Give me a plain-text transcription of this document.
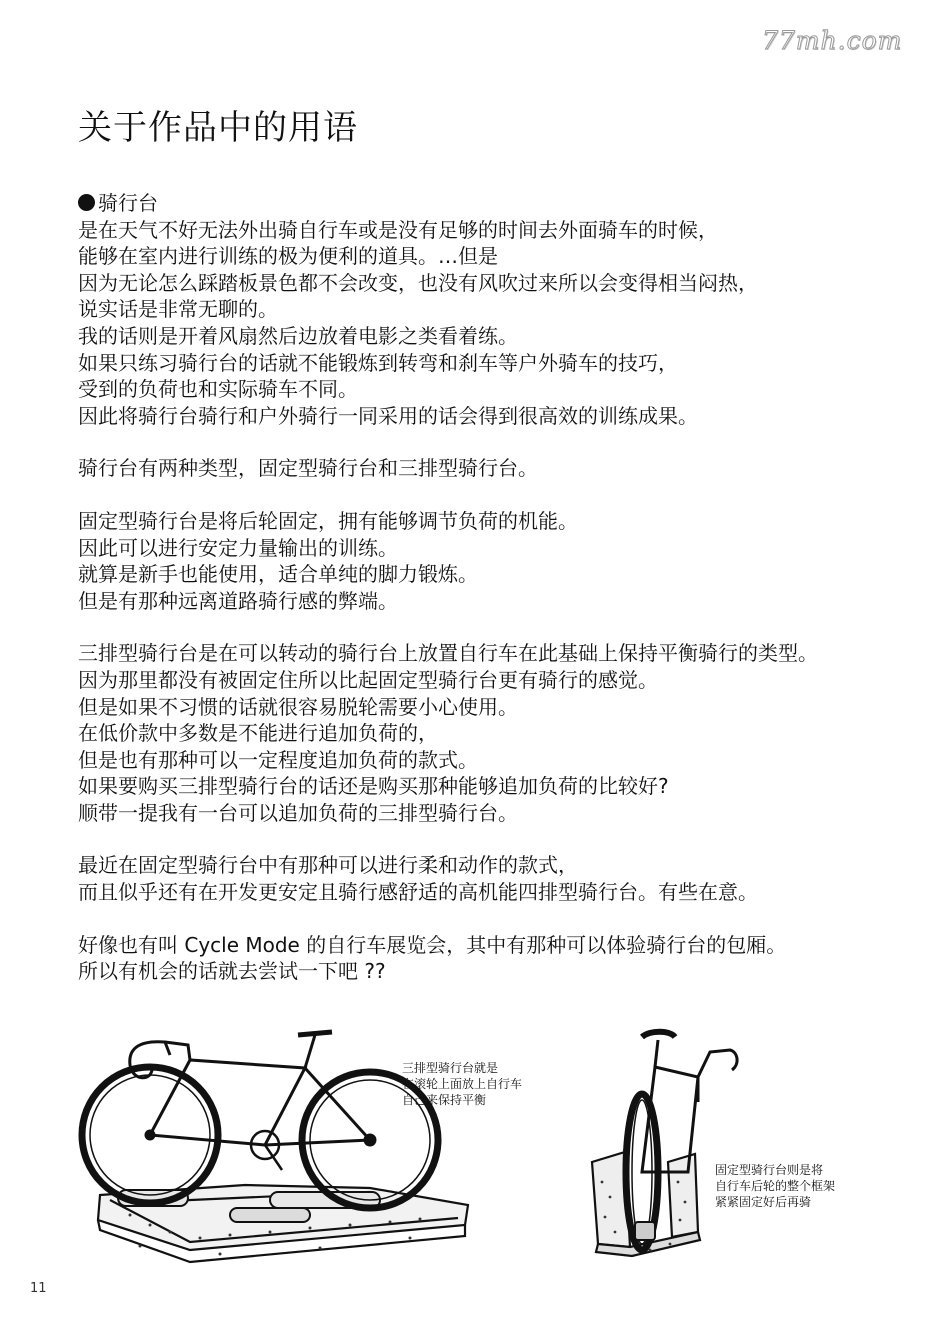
77mh.com
关于作品中的用语

骑行台

是在天气不好无法外出骑自行车或是没有足够的时间去外面骑车的时候，

能够在室内进行训练的极为便利的道具。…但是

因为无论怎么踩踏板景色都不会改变，也没有风吹过来所以会变得相当闷热，

说实话是非常无聊的。

我的话则是开着风扇然后边放着电影之类看着练。

如果只练习骑行台的话就不能锻炼到转弯和刹车等户外骑车的技巧，

受到的负荷也和实际骑车不同。

因此将骑行台骑行和户外骑行一同采用的话会得到很高效的训练成果。

骑行台有两种类型，固定型骑行台和三排型骑行台。

固定型骑行台是将后轮固定，拥有能够调节负荷的机能。

因此可以进行安定力量输出的训练。

就算是新手也能使用，适合单纯的脚力锻炼。

但是有那种远离道路骑行感的弊端。

三排型骑行台是在可以转动的骑行台上放置自行车在此基础上保持平衡骑行的类型。

因为那里都没有被固定住所以比起固定型骑行台更有骑行的感觉。

但是如果不习惯的话就很容易脱轮需要小心使用。

在低价款中多数是不能进行追加负荷的，

但是也有那种可以一定程度追加负荷的款式。

如果要购买三排型骑行台的话还是购买那种能够追加负荷的比较好?

顺带一提我有一台可以追加负荷的三排型骑行台。

最近在固定型骑行台中有那种可以进行柔和动作的款式，

而且似乎还有在开发更安定且骑行感舒适的高机能四排型骑行台。有些在意。

好像也有叫 Cycle Mode 的自行车展览会，其中有那种可以体验骑行台的包厢。

所以有机会的话就去尝试一下吧 ??

三排型骑行台就是

在滚轮上面放上自行车

自己来保持平衡

固定型骑行台则是将

自行车后轮的整个框架

紧紧固定好后再骑

11
